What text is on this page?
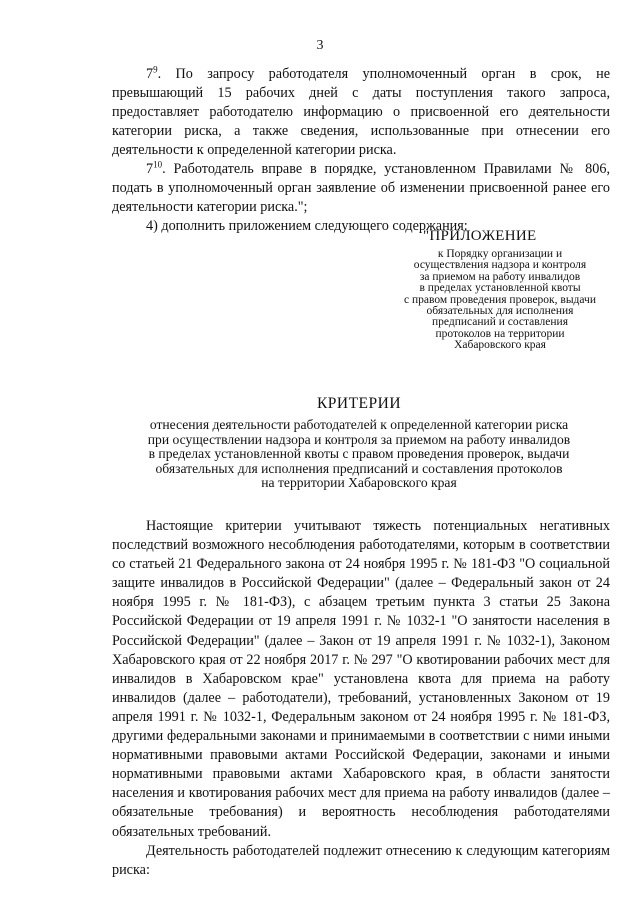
3

$7^9$. По запросу работодателя уполномоченный орган в срок, не превышающий 15 рабочих дней с даты поступления такого запроса, предоставляет работодателю информацию о присвоенной его деятельности категории риска, а также сведения, использованные при отнесении его деятельности к определенной категории риска.

$7^{10}$. Работодатель вправе в порядке, установленном Правилами № 806, подать в уполномоченный орган заявление об изменении присвоенной ранее его деятельности категории риска.";

4) дополнить приложением следующего содержания:

"ПРИЛОЖЕНИЕ
к Порядку организации и
осуществления надзора и контроля
за приемом на работу инвалидов
в пределах установленной квоты
с правом проведения проверок, выдачи
обязательных для исполнения
предписаний и составления
протоколов на территории
Хабаровского края
КРИТЕРИИ
отнесения деятельности работодателей к определенной категории риска
при осуществлении надзора и контроля за приемом на работу инвалидов
в пределах установленной квоты с правом проведения проверок, выдачи
обязательных для исполнения предписаний и составления протоколов
на территории Хабаровского края

Настоящие критерии учитывают тяжесть потенциальных негативных последствий возможного несоблюдения работодателями, которым в соответствии со статьей 21 Федерального закона от 24 ноября 1995 г. № 181-ФЗ "О социальной защите инвалидов в Российской Федерации" (далее – Федеральный закон от 24 ноября 1995 г. № 181-ФЗ), с абзацем третьим пункта 3 статьи 25 Закона Российской Федерации от 19 апреля 1991 г. № 1032-1 "О занятости населения в Российской Федерации" (далее – Закон от 19 апреля 1991 г. № 1032-1), Законом Хабаровского края от 22 ноября 2017 г. № 297 "О квотировании рабочих мест для инвалидов в Хабаровском крае" установлена квота для приема на работу инвалидов (далее – работодатели), требований, установленных Законом от 19 апреля 1991 г. № 1032-1, Федеральным законом от 24 ноября 1995 г. № 181-ФЗ, другими федеральными законами и принимаемыми в соответствии с ними иными нормативными правовыми актами Российской Федерации, законами и иными нормативными правовыми актами Хабаровского края, в области занятости населения и квотирования рабочих мест для приема на работу инвалидов (далее – обязательные требования) и вероятность несоблюдения работодателями обязательных требований.

Деятельность работодателей подлежит отнесению к следующим категориям риска:
